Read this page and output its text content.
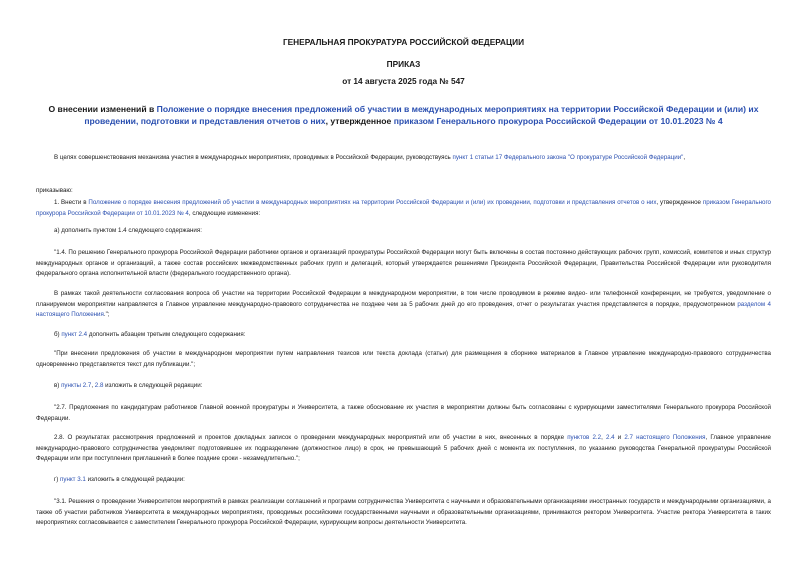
ГЕНЕРАЛЬНАЯ ПРОКУРАТУРА РОССИЙСКОЙ ФЕДЕРАЦИИ
ПРИКАЗ
от 14 августа 2025 года № 547
О внесении изменений в Положение о порядке внесения предложений об участии в международных мероприятиях на территории Российской Федерации и (или) их проведении, подготовки и представления отчетов о них, утвержденное приказом Генерального прокурора Российской Федерации от 10.01.2023 № 4
В целях совершенствования механизма участия в международных мероприятиях, проводимых в Российской Федерации, руководствуясь пункт 1 статьи 17 Федерального закона "О прокуратуре Российской Федерации",
приказываю:
1. Внести в Положение о порядке внесения предложений об участии в международных мероприятиях на территории Российской Федерации и (или) их проведении, подготовки и представления отчетов о них, утвержденное приказом Генерального прокурора Российской Федерации от 10.01.2023 № 4, следующие изменения:
а) дополнить пунктом 1.4 следующего содержания:
"1.4. По решению Генерального прокурора Российской Федерации работники органов и организаций прокуратуры Российской Федерации могут быть включены в состав постоянно действующих рабочих групп, комиссий, комитетов и иных структур международных органов и организаций, а также состав российских межведомственных рабочих групп и делегаций, который утверждается решениями Президента Российской Федерации, Правительства Российской Федерации или руководителя федерального органа исполнительной власти (федерального государственного органа).
В рамках такой деятельности согласования вопроса об участии на территории Российской Федерации в международном мероприятии, в том числе проводимом в режиме видео- или телефонной конференции, не требуется, уведомление о планируемом мероприятии направляется в Главное управление международно-правового сотрудничества не позднее чем за 5 рабочих дней до его проведения, отчет о результатах участия представляется в порядке, предусмотренном разделом 4 настоящего Положения.";
б) пункт 2.4 дополнить абзацем третьим следующего содержания:
"При внесении предложения об участии в международном мероприятии путем направления тезисов или текста доклада (статьи) для размещения в сборнике материалов в Главное управление международно-правового сотрудничества одновременно представляется текст для публикации.";
в) пункты 2.7, 2.8 изложить в следующей редакции:
"2.7. Предложения по кандидатурам работников Главной военной прокуратуры и Университета, а также обоснование их участия в мероприятии должны быть согласованы с курирующими заместителями Генерального прокурора Российской Федерации.
2.8. О результатах рассмотрения предложений и проектов докладных записок о проведении международных мероприятий или об участии в них, внесенных в порядке пунктов 2.2, 2.4 и 2.7 настоящего Положения, Главное управление международно-правового сотрудничества уведомляет подготовившее их подразделение (должностное лицо) в срок, не превышающий 5 рабочих дней с момента их поступления, по указанию руководства Генеральной прокуратуры Российской Федерации или при поступлении приглашений в более поздние сроки - незамедлительно.";
г) пункт 3.1 изложить в следующей редакции:
"3.1. Решения о проведении Университетом мероприятий в рамках реализации соглашений и программ сотрудничества Университета с научными и образовательными организациями иностранных государств и международными организациями, а также об участии работников Университета в международных мероприятиях, проводимых российскими государственными научными и образовательными организациями, принимаются ректором Университета. Участие ректора Университета в таких мероприятиях согласовывается с заместителем Генерального прокурора Российской Федерации, курирующим вопросы деятельности Университета.
